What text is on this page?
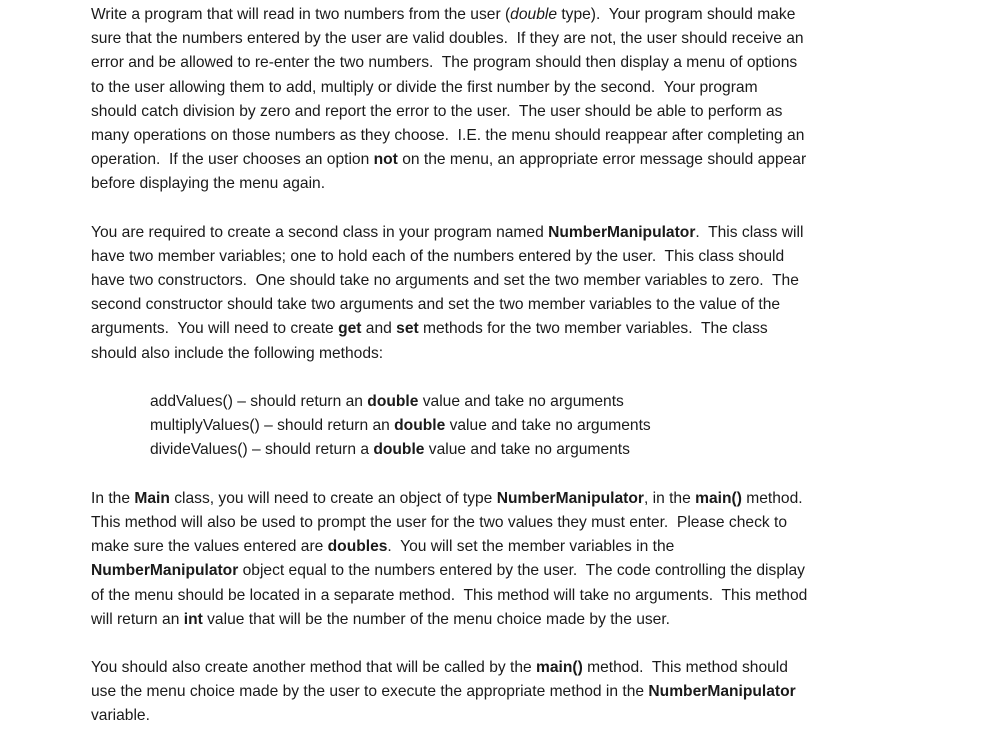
Write a program that will read in two numbers from the user (double type).  Your program should make
sure that the numbers entered by the user are valid doubles.  If they are not, the user should receive an
error and be allowed to re-enter the two numbers.  The program should then display a menu of options
to the user allowing them to add, multiply or divide the first number by the second.  Your program
should catch division by zero and report the error to the user.  The user should be able to perform as
many operations on those numbers as they choose.  I.E. the menu should reappear after completing an
operation.  If the user chooses an option not on the menu, an appropriate error message should appear
before displaying the menu again.
You are required to create a second class in your program named NumberManipulator.  This class will
have two member variables; one to hold each of the numbers entered by the user.  This class should
have two constructors.  One should take no arguments and set the two member variables to zero.  The
second constructor should take two arguments and set the two member variables to the value of the
arguments.  You will need to create get and set methods for the two member variables.  The class
should also include the following methods:
addValues() – should return an double value and take no arguments
multiplyValues() – should return an double value and take no arguments
divideValues() – should return a double value and take no arguments
In the Main class, you will need to create an object of type NumberManipulator, in the main() method.
This method will also be used to prompt the user for the two values they must enter.  Please check to
make sure the values entered are doubles.  You will set the member variables in the
NumberManipulator object equal to the numbers entered by the user.  The code controlling the display
of the menu should be located in a separate method.  This method will take no arguments.  This method
will return an int value that will be the number of the menu choice made by the user.
You should also create another method that will be called by the main() method.  This method should
use the menu choice made by the user to execute the appropriate method in the NumberManipulator
variable.
